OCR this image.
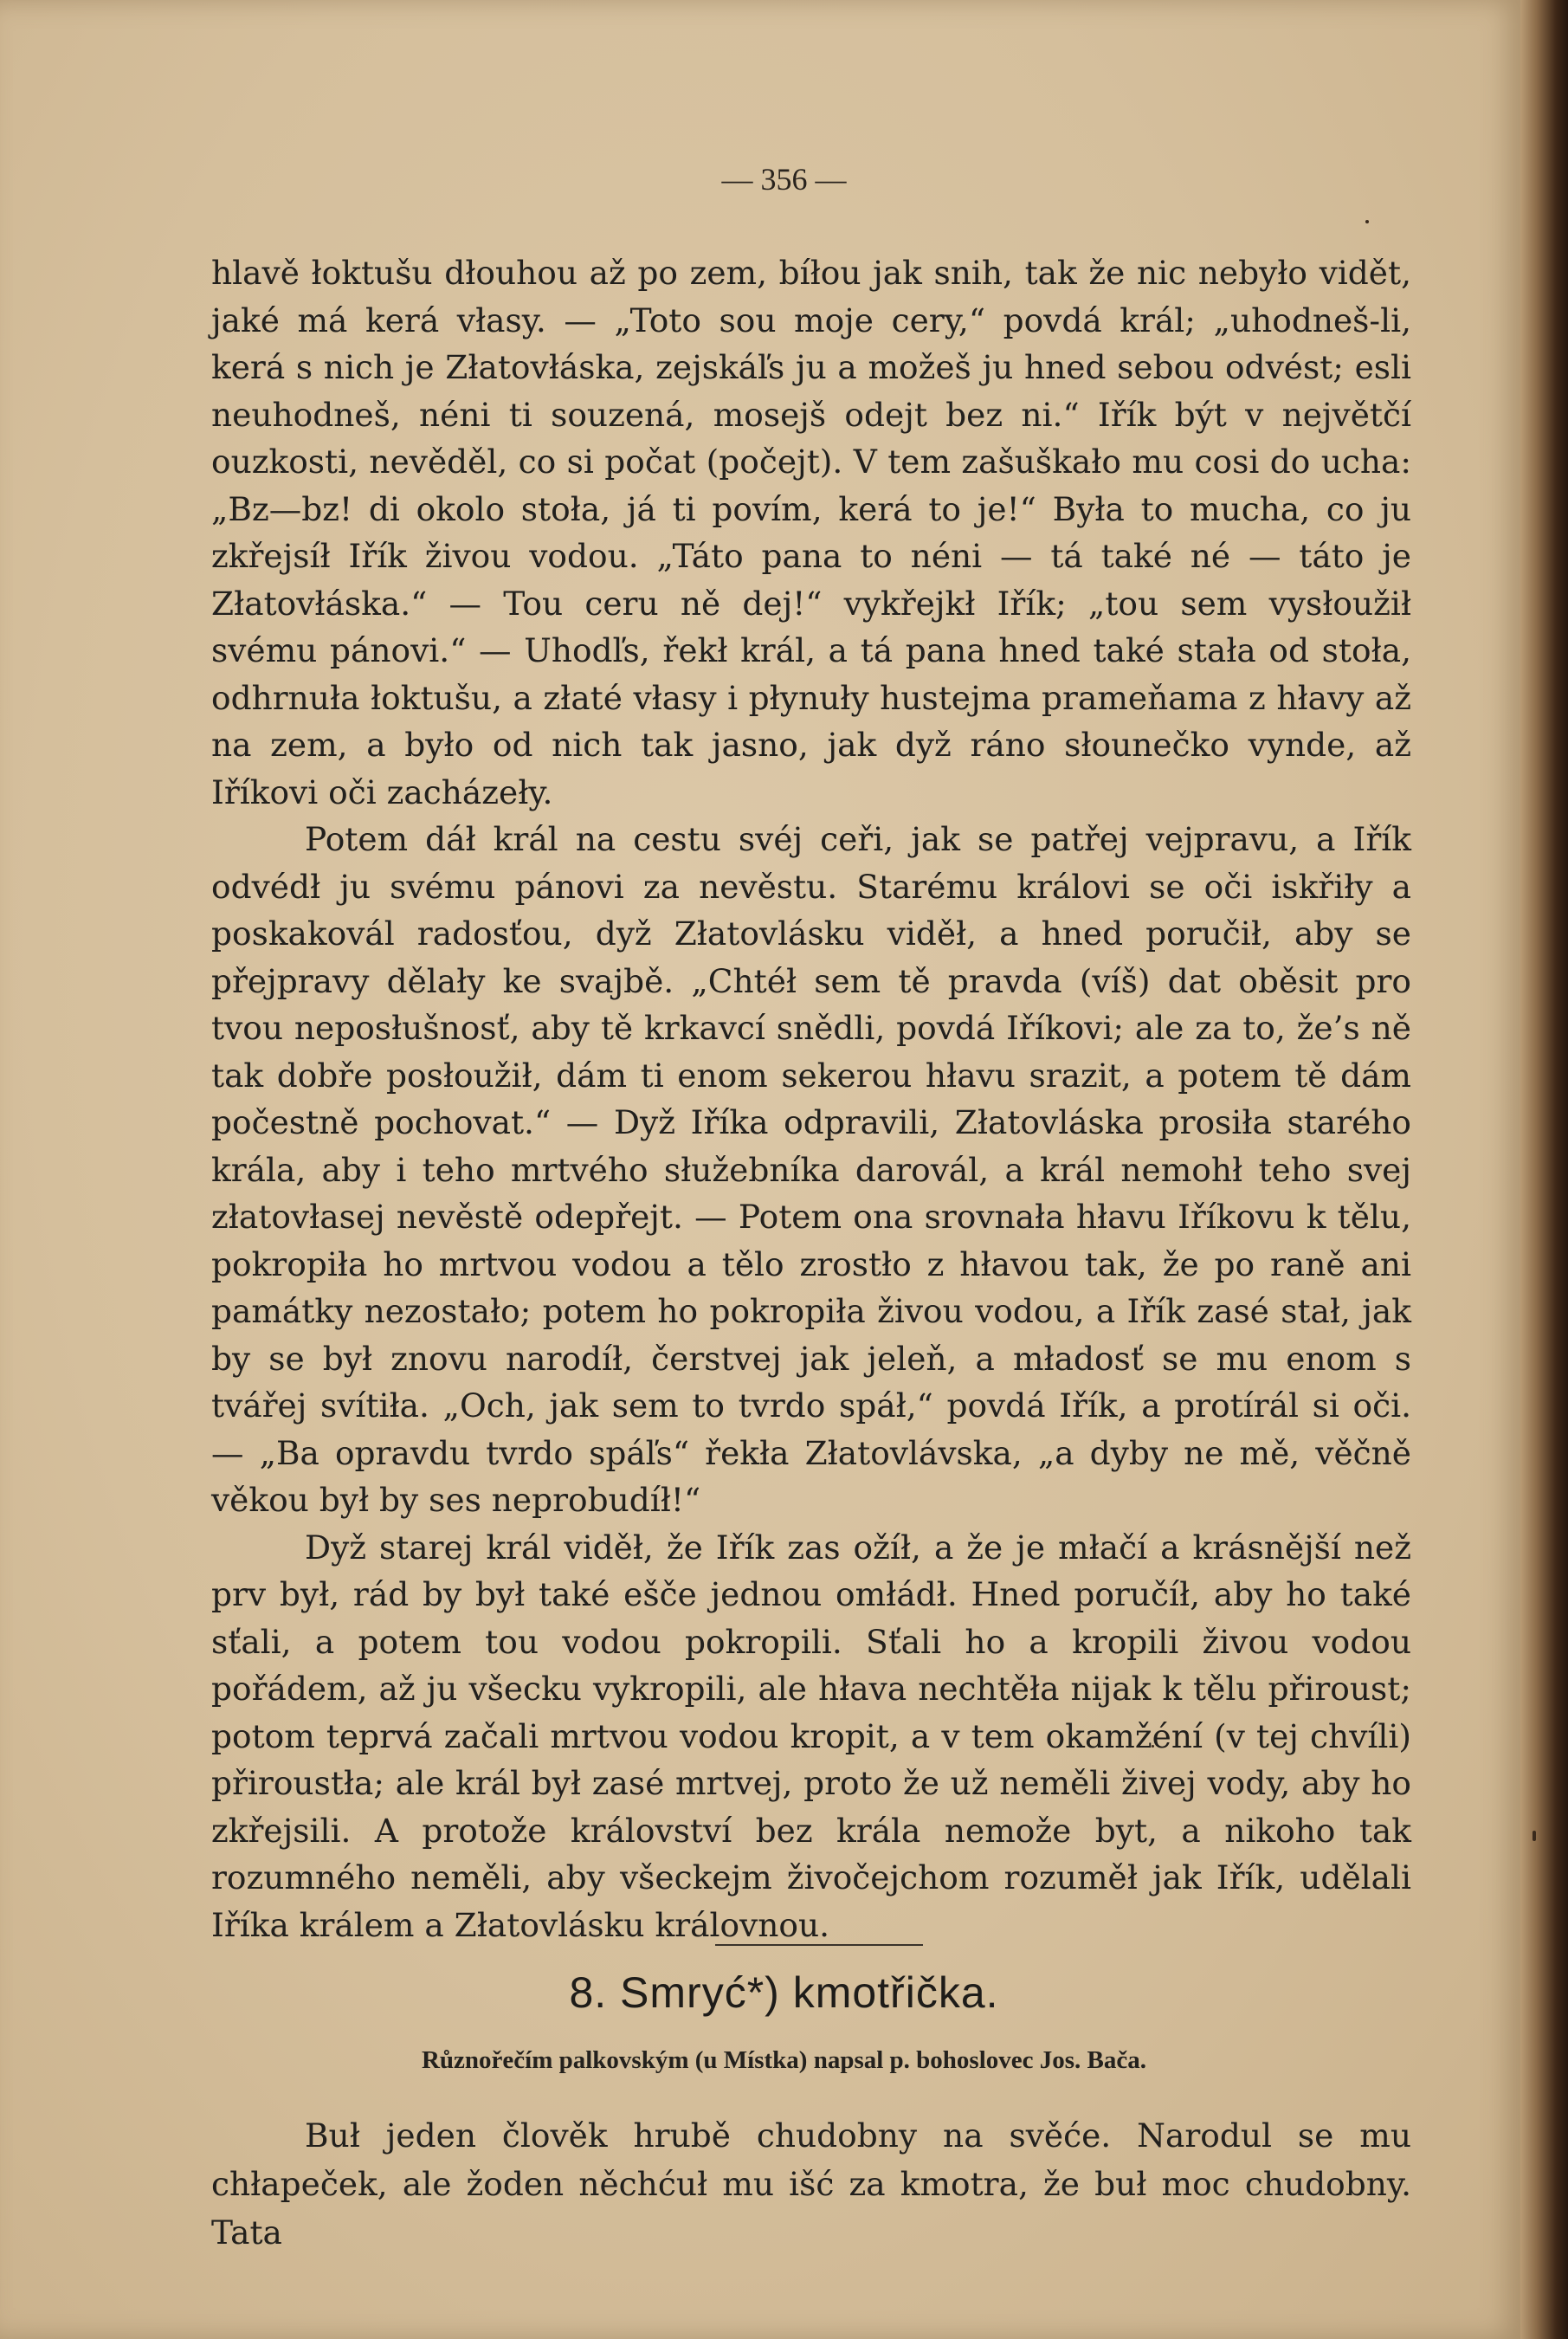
— 356 —

hlavě łoktušu dłouhou až po zem, bíłou jak snih, tak že nic nebyło vidět, jaké má kerá vłasy. — „Toto sou moje cery,“ povdá král; „uhodneš-li, kerá s nich je Złatovłáska, zejskáľs ju a možeš ju hned sebou odvést; esli neuhodneš, néni ti souzená, mosejš odejt bez ni.“ Iřík být v největčí ouzkosti, nevěděl, co si počat (počejt). V tem zašuškało mu cosi do ucha: „Bz—bz! di okolo stoła, já ti povím, kerá to je!“ Była to mucha, co ju zkřejsíł Iřík živou vodou. „Táto pana to néni — tá také né — táto je Złatovłáska.“ — Tou ceru ně dej!“ vykřejkł Iřík; „tou sem vysłoužił svému pánovi.“ — Uhodľs, řekł král, a tá pana hned také stała od stoła, odhrnuła łoktušu, a złaté vłasy i płynuły hustejma prameňama z hłavy až na zem, a było od nich tak jasno, jak dyž ráno słounečko vynde, až Iříkovi oči zacházeły.

Potem dáł král na cestu svéj ceři, jak se patřej vejpravu, a Iřík odvédł ju svému pánovi za nevěstu. Starému královi se oči iskřiły a poskakovál radosťou, dyž Złatovlásku viděł, a hned poručił, aby se přejpravy dělały ke svajbě. „Chtéł sem tě pravda (víš) dat oběsit pro tvou neposłušnosť, aby tě krkavcí snědli, povdá Iříkovi; ale za to, že’s ně tak dobře posłoužił, dám ti enom sekerou hłavu srazit, a potem tě dám počestně pochovat.“ — Dyž Iříka odpravili, Złatovláska prosiła starého krála, aby i teho mrtvého słužebníka darovál, a král nemohł teho svej złatovłasej nevěstě odepřejt. — Potem ona srovnała hłavu Iříkovu k tělu, pokropiła ho mrtvou vodou a tělo zrostło z hłavou tak, že po raně ani památky nezostało; potem ho pokropiła živou vodou, a Iřík zasé stał, jak by se był znovu narodíł, čerstvej jak jeleň, a mładosť se mu enom s tvářej svítiła. „Och, jak sem to tvrdo spáł,“ povdá Iřík, a protírál si oči. — „Ba opravdu tvrdo spáľs“ řekła Złatovlávska, „a dyby ne mě, věčně věkou był by ses neprobudíł!“

Dyž starej král viděł, že Iřík zas ožíł, a že je młačí a krásnější než prv był, rád by był také ešče jednou omłádł. Hned poručíł, aby ho také sťali, a potem tou vodou pokropili. Sťali ho a kropili živou vodou pořádem, až ju všecku vykropili, ale hłava nechtěła nijak k tělu přiroust; potom teprvá začali mrtvou vodou kropit, a v tem okamžéní (v tej chvíli) přiroustła; ale král był zasé mrtvej, proto že už neměli živej vody, aby ho zkřejsili. A protože království bez krála nemože byt, a nikoho tak rozumného neměli, aby všeckejm živočejchom rozuměł jak Iřík, udělali Iříka králem a Złatovlásku královnou.

8. Smryć*) kmotřička.
Různořečím palkovským (u Místka) napsal p. bohoslovec Jos. Bača.

Buł jeden člověk hrubě chudobny na svěće. Narodul se mu chłapeček, ale žoden něchćuł mu išć za kmotra, že buł moc chudobny. Tata
